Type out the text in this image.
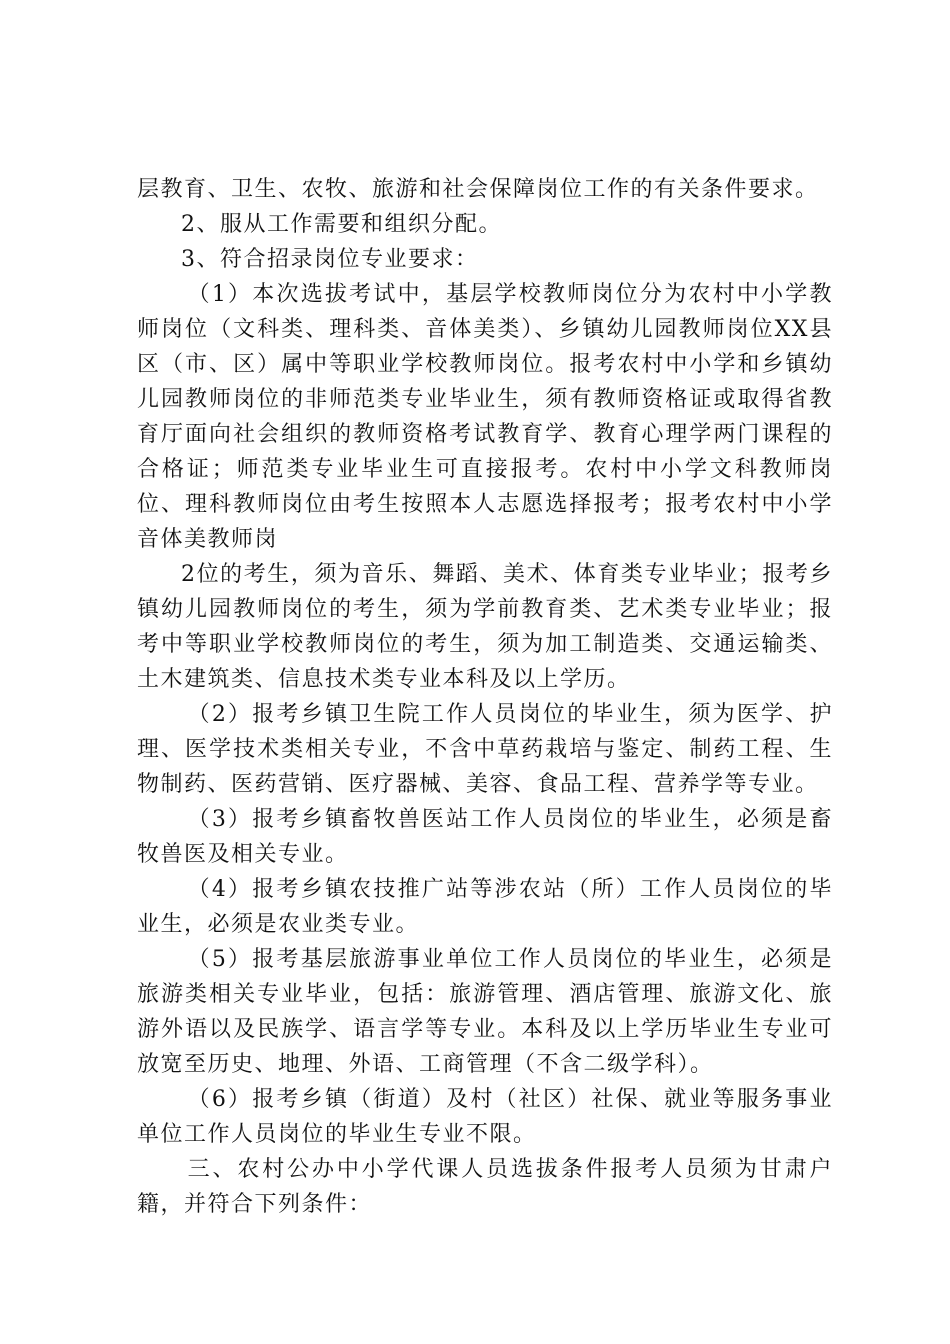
层教育、卫生、农牧、旅游和社会保障岗位工作的有关条件要求。

2、服从工作需要和组织分配。

3、符合招录岗位专业要求：

（1）本次选拔考试中，基层学校教师岗位分为农村中小学教师岗位（文科类、理科类、音体美类）、乡镇幼儿园教师岗位XX县区（市、区）属中等职业学校教师岗位。报考农村中小学和乡镇幼儿园教师岗位的非师范类专业毕业生，须有教师资格证或取得省教育厅面向社会组织的教师资格考试教育学、教育心理学两门课程的合格证；师范类专业毕业生可直接报考。农村中小学文科教师岗位、理科教师岗位由考生按照本人志愿选择报考；报考农村中小学音体美教师岗

2位的考生，须为音乐、舞蹈、美术、体育类专业毕业；报考乡镇幼儿园教师岗位的考生，须为学前教育类、艺术类专业毕业；报考中等职业学校教师岗位的考生，须为加工制造类、交通运输类、土木建筑类、信息技术类专业本科及以上学历。

（2）报考乡镇卫生院工作人员岗位的毕业生，须为医学、护理、医学技术类相关专业，不含中草药栽培与鉴定、制药工程、生物制药、医药营销、医疗器械、美容、食品工程、营养学等专业。

（3）报考乡镇畜牧兽医站工作人员岗位的毕业生，必须是畜牧兽医及相关专业。

（4）报考乡镇农技推广站等涉农站（所）工作人员岗位的毕业生，必须是农业类专业。

（5）报考基层旅游事业单位工作人员岗位的毕业生，必须是旅游类相关专业毕业，包括：旅游管理、酒店管理、旅游文化、旅游外语以及民族学、语言学等专业。本科及以上学历毕业生专业可放宽至历史、地理、外语、工商管理（不含二级学科）。

（6）报考乡镇（街道）及村（社区）社保、就业等服务事业单位工作人员岗位的毕业生专业不限。

三、农村公办中小学代课人员选拔条件报考人员须为甘肃户籍，并符合下列条件：
